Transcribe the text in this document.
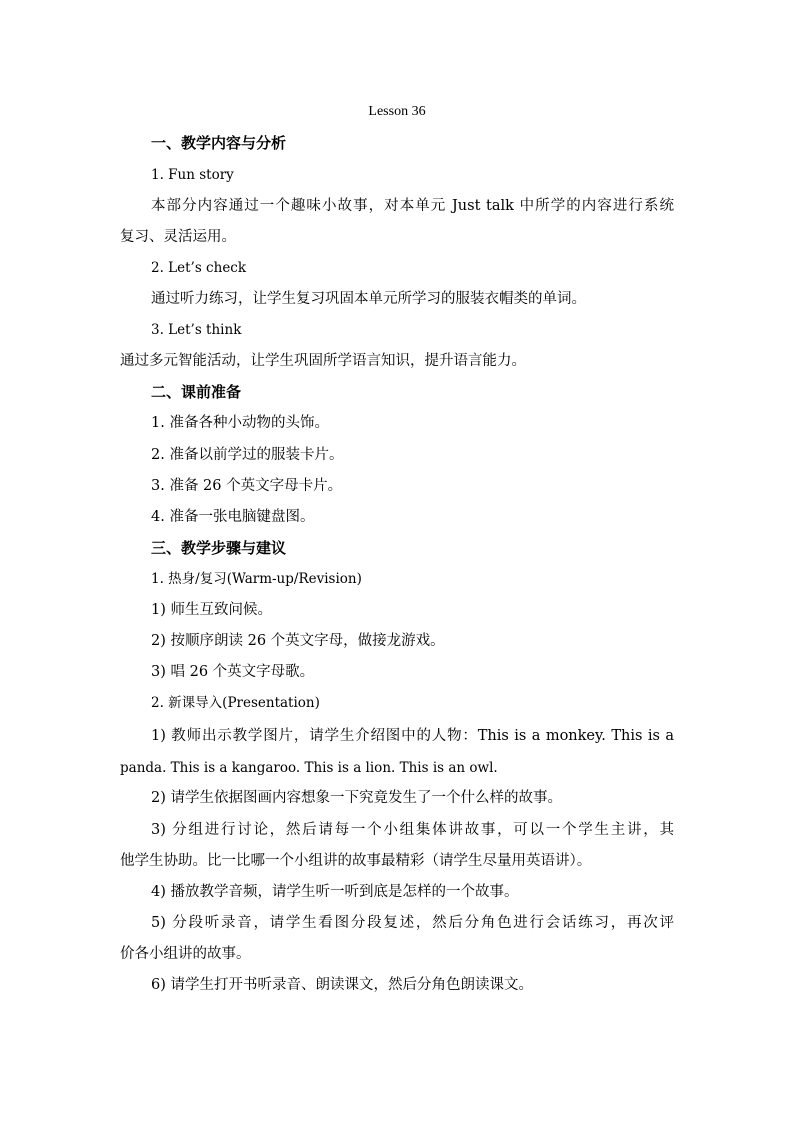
Lesson 36
一、教学内容与分析
1. Fun story
本部分内容通过一个趣味小故事，对本单元 Just talk 中所学的内容进行系统
复习、灵活运用。
2. Let’s check
通过听力练习，让学生复习巩固本单元所学习的服装衣帽类的单词。
3. Let’s think
通过多元智能活动，让学生巩固所学语言知识，提升语言能力。
二、课前准备
1. 准备各种小动物的头饰。
2. 准备以前学过的服装卡片。
3. 准备 26 个英文字母卡片。
4. 准备一张电脑键盘图。
三、教学步骤与建议
1. 热身/复习(Warm-up/Revision)
1) 师生互致问候。
2) 按顺序朗读 26 个英文字母，做接龙游戏。
3) 唱 26 个英文字母歌。
2. 新课导入(Presentation)
1) 教师出示教学图片，请学生介绍图中的人物：This is a monkey. This is a
panda. This is a kangaroo. This is a lion. This is an owl.
2) 请学生依据图画内容想象一下究竟发生了一个什么样的故事。
3) 分组进行讨论，然后请每一个小组集体讲故事，可以一个学生主讲，其
他学生协助。比一比哪一个小组讲的故事最精彩（请学生尽量用英语讲）。
4) 播放教学音频，请学生听一听到底是怎样的一个故事。
5) 分段听录音，请学生看图分段复述，然后分角色进行会话练习，再次评
价各小组讲的故事。
6) 请学生打开书听录音、朗读课文，然后分角色朗读课文。
